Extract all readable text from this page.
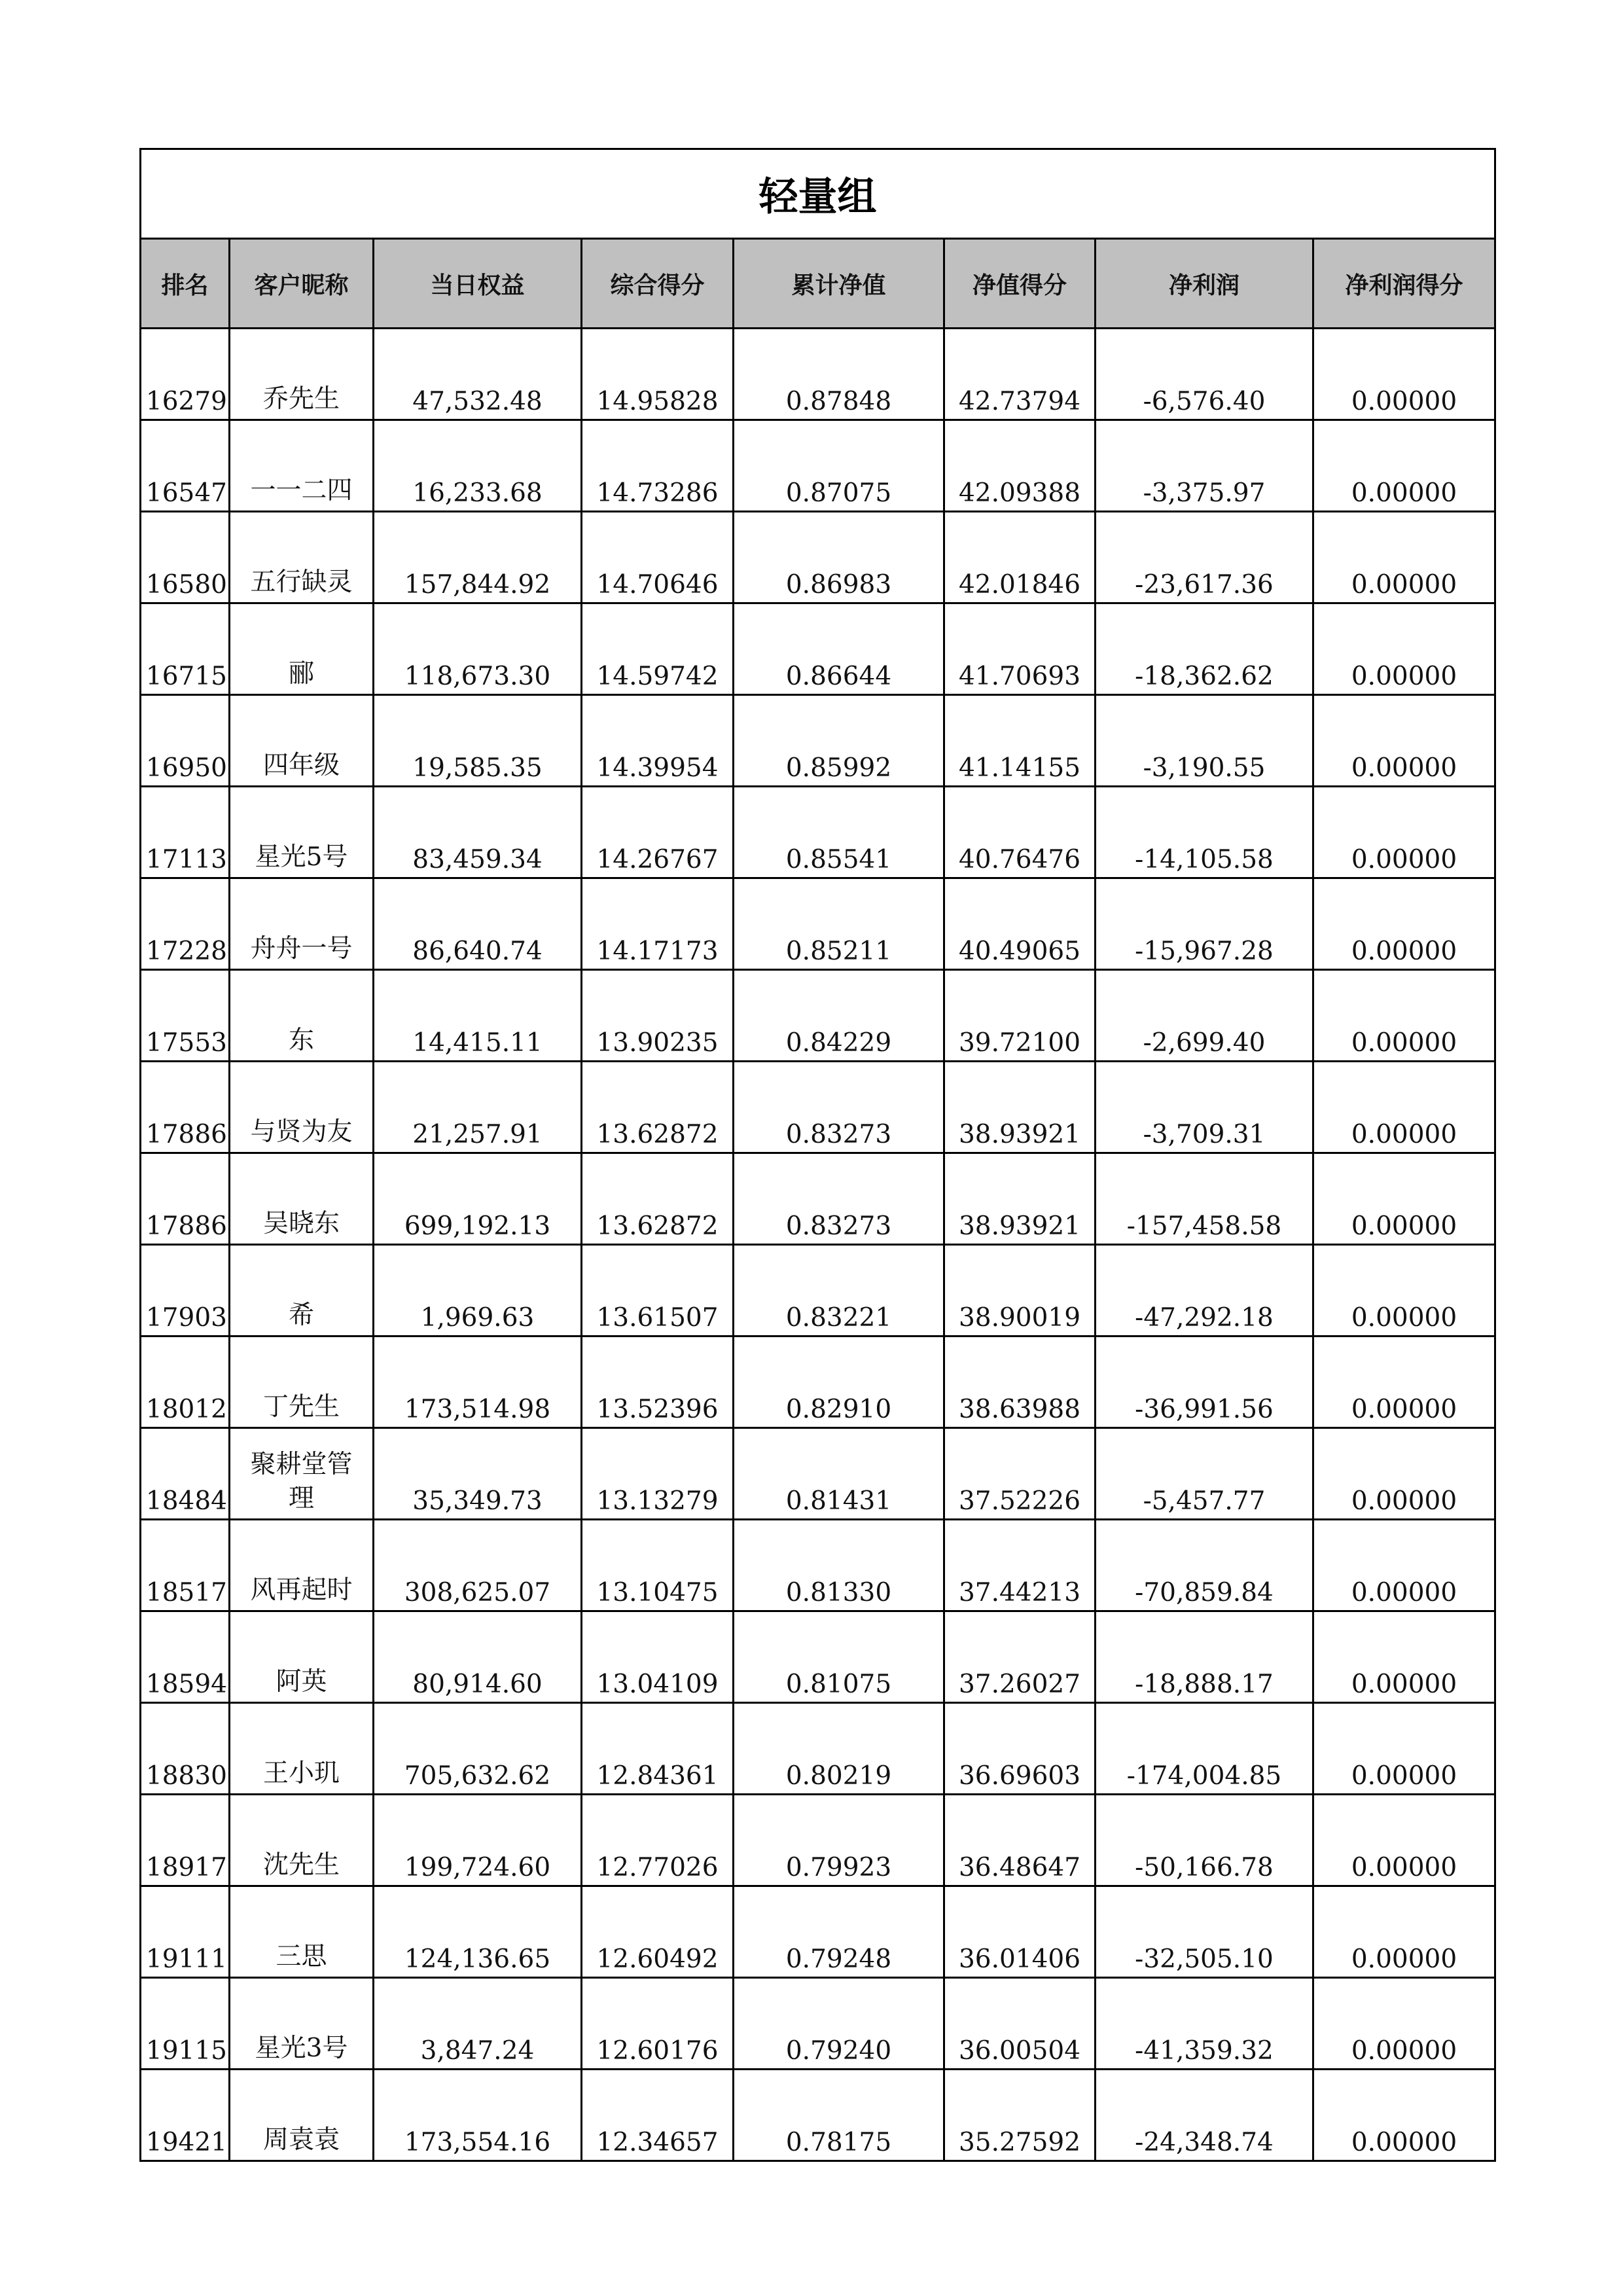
轻量组							
排名	客户昵称	当日权益	综合得分	累计净值	净值得分	净利润	净利润得分
16279	乔先生	47,532.48	14.95828	0.87848	42.73794	-6,576.40	0.00000
16547	一一二四	16,233.68	14.73286	0.87075	42.09388	-3,375.97	0.00000
16580	五行缺灵	157,844.92	14.70646	0.86983	42.01846	-23,617.36	0.00000
16715	郦	118,673.30	14.59742	0.86644	41.70693	-18,362.62	0.00000
16950	四年级	19,585.35	14.39954	0.85992	41.14155	-3,190.55	0.00000
17113	星光5号	83,459.34	14.26767	0.85541	40.76476	-14,105.58	0.00000
17228	舟舟一号	86,640.74	14.17173	0.85211	40.49065	-15,967.28	0.00000
17553	东	14,415.11	13.90235	0.84229	39.72100	-2,699.40	0.00000
17886	与贤为友	21,257.91	13.62872	0.83273	38.93921	-3,709.31	0.00000
17886	吴晓东	699,192.13	13.62872	0.83273	38.93921	-157,458.58	0.00000
17903	希	1,969.63	13.61507	0.83221	38.90019	-47,292.18	0.00000
18012	丁先生	173,514.98	13.52396	0.82910	38.63988	-36,991.56	0.00000
18484	聚耕堂管理	35,349.73	13.13279	0.81431	37.52226	-5,457.77	0.00000
18517	风再起时	308,625.07	13.10475	0.81330	37.44213	-70,859.84	0.00000
18594	阿英	80,914.60	13.04109	0.81075	37.26027	-18,888.17	0.00000
18830	王小玑	705,632.62	12.84361	0.80219	36.69603	-174,004.85	0.00000
18917	沈先生	199,724.60	12.77026	0.79923	36.48647	-50,166.78	0.00000
19111	三思	124,136.65	12.60492	0.79248	36.01406	-32,505.10	0.00000
19115	星光3号	3,847.24	12.60176	0.79240	36.00504	-41,359.32	0.00000
19421	周袁袁	173,554.16	12.34657	0.78175	35.27592	-24,348.74	0.00000
